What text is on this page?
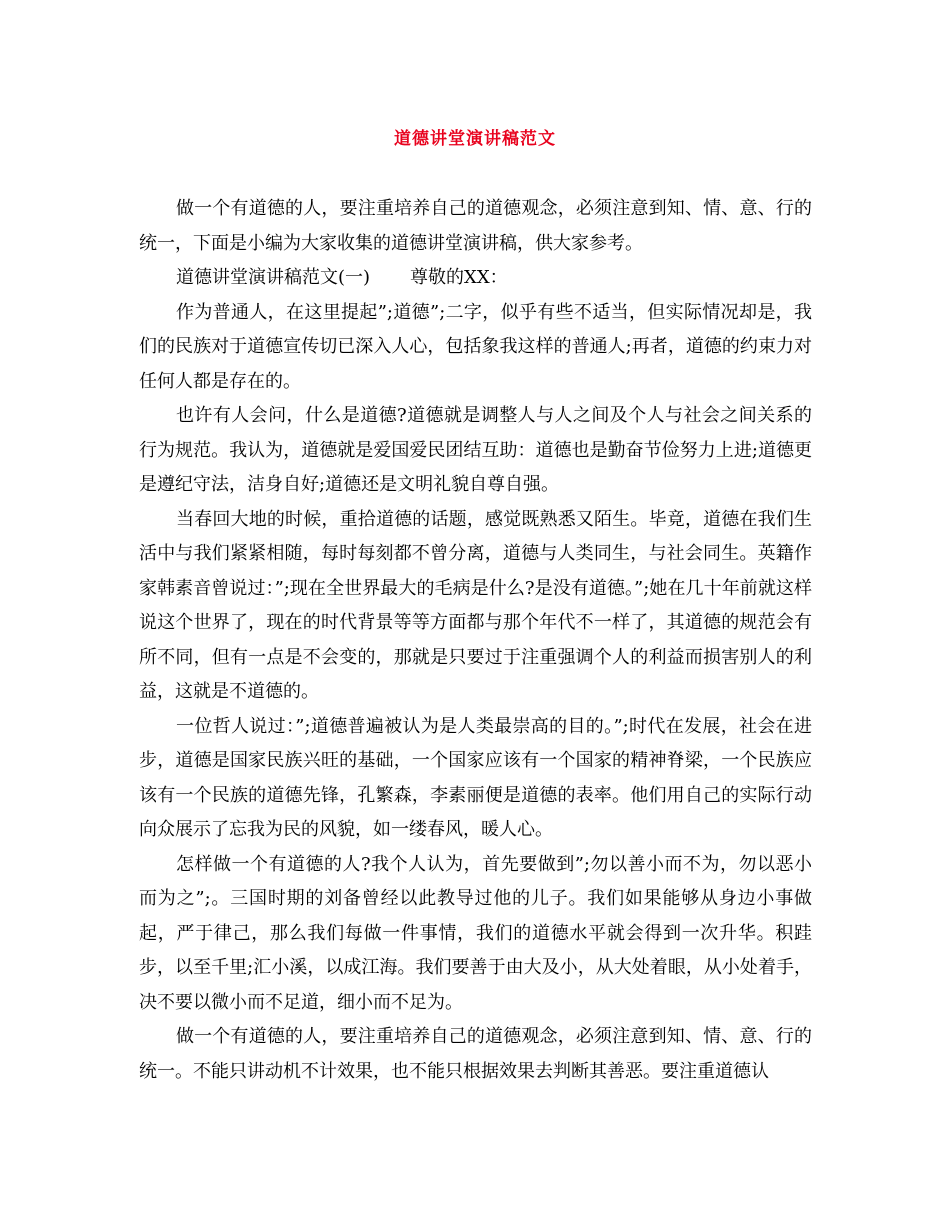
道德讲堂演讲稿范文

做一个有道德的人，要注重培养自己的道德观念，必须注意到知、情、意、行的统一，下面是小编为大家收集的道德讲堂演讲稿，供大家参考。

道德讲堂演讲稿范文(一) 尊敬的XX：

作为普通人，在这里提起”;道德”;二字，似乎有些不适当，但实际情况却是，我们的民族对于道德宣传切已深入人心，包括象我这样的普通人;再者，道德的约束力对任何人都是存在的。

也许有人会问，什么是道德?道德就是调整人与人之间及个人与社会之间关系的行为规范。我认为，道德就是爱国爱民团结互助：道德也是勤奋节俭努力上进;道德更是遵纪守法，洁身自好;道德还是文明礼貌自尊自强。

当春回大地的时候，重拾道德的话题，感觉既熟悉又陌生。毕竟，道德在我们生活中与我们紧紧相随，每时每刻都不曾分离，道德与人类同生，与社会同生。英籍作家韩素音曾说过：”;现在全世界最大的毛病是什么?是没有道德。”;她在几十年前就这样说这个世界了，现在的时代背景等等方面都与那个年代不一样了，其道德的规范会有所不同，但有一点是不会变的，那就是只要过于注重强调个人的利益而损害别人的利益，这就是不道德的。

一位哲人说过：”;道德普遍被认为是人类最崇高的目的。”;时代在发展，社会在进步，道德是国家民族兴旺的基础，一个国家应该有一个国家的精神脊梁，一个民族应该有一个民族的道德先锋，孔繁森，李素丽便是道德的表率。他们用自己的实际行动向众展示了忘我为民的风貌，如一缕春风，暖人心。

怎样做一个有道德的人?我个人认为，首先要做到”;勿以善小而不为，勿以恶小而为之”;。三国时期的刘备曾经以此教导过他的儿子。我们如果能够从身边小事做起，严于律己，那么我们每做一件事情，我们的道德水平就会得到一次升华。积跬步，以至千里;汇小溪，以成江海。我们要善于由大及小，从大处着眼，从小处着手，决不要以微小而不足道，细小而不足为。

做一个有道德的人，要注重培养自己的道德观念，必须注意到知、情、意、行的统一。不能只讲动机不计效果，也不能只根据效果去判断其善恶。要注重道德认
